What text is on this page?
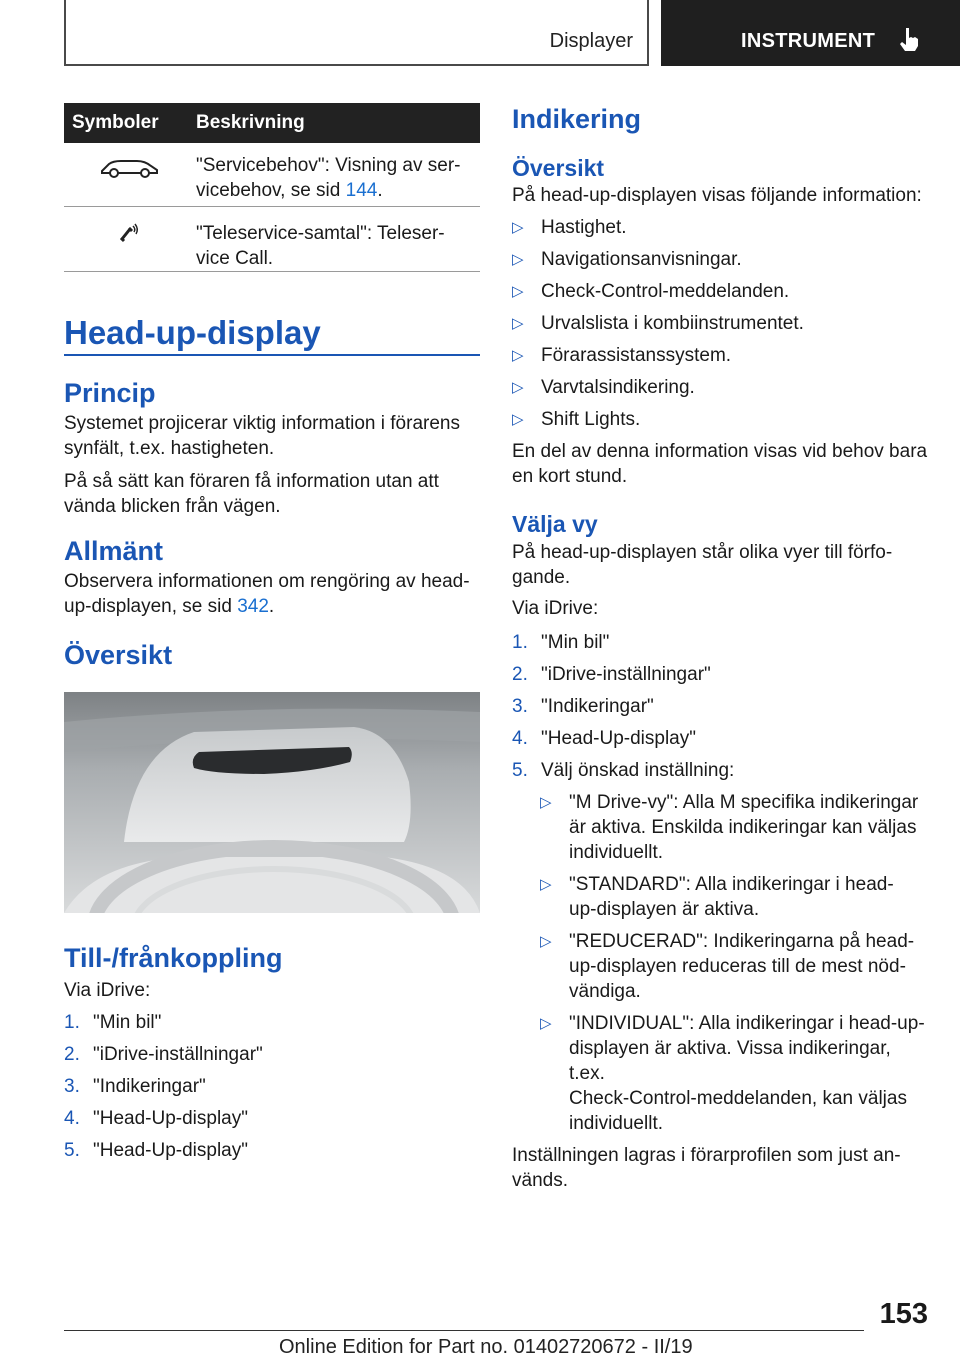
Displayer	INSTRUMENT
Symboler	Beskrivning
"Servicebehov": Visning av ser-
vicebehov, se sid 144.
"Teleservice-samtal": Teleser-
vice Call.
Head-up-display
Princip
Systemet projicerar viktig information i förarens
synfält, t.ex. hastigheten.
På så sätt kan föraren få information utan att
vända blicken från vägen.
Allmänt
Observera informationen om rengöring av head-
up-displayen, se sid 342.
Översikt
Till-/frånkoppling
Via iDrive:
1. "Min bil"
2. "iDrive-inställningar"
3. "Indikeringar"
4. "Head-Up-display"
5. "Head-Up-display"
Indikering
Översikt
På head-up-displayen visas följande information:
▷ Hastighet.
▷ Navigationsanvisningar.
▷ Check-Control-meddelanden.
▷ Urvalslista i kombiinstrumentet.
▷ Förarassistanssystem.
▷ Varvtalsindikering.
▷ Shift Lights.
En del av denna information visas vid behov bara
en kort stund.
Välja vy
På head-up-displayen står olika vyer till förfo-
gande.
Via iDrive:
1. "Min bil"
2. "iDrive-inställningar"
3. "Indikeringar"
4. "Head-Up-display"
5. Välj önskad inställning:
▷ "M Drive-vy": Alla M specifika indikeringar
är aktiva. Enskilda indikeringar kan väljas
individuellt.
▷ "STANDARD": Alla indikeringar i head-
up-displayen är aktiva.
▷ "REDUCERAD": Indikeringarna på head-
up-displayen reduceras till de mest nöd-
vändiga.
▷ "INDIVIDUAL": Alla indikeringar i head-up-
displayen är aktiva. Vissa indikeringar, t.ex.
Check-Control-meddelanden, kan väljas
individuellt.
Inställningen lagras i förarprofilen som just an-
vänds.
153
Online Edition for Part no. 01402720672 - II/19
